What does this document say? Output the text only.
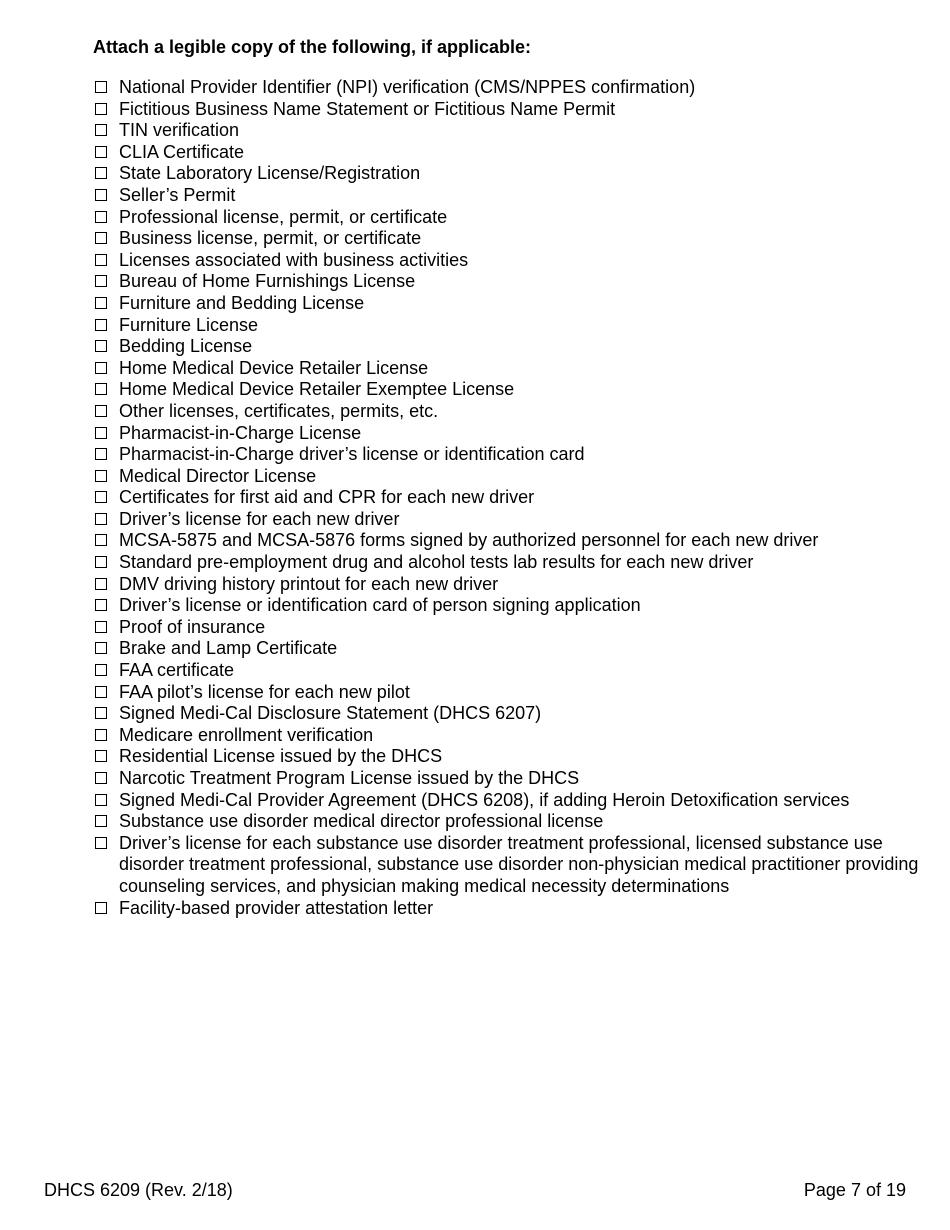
Attach a legible copy of the following, if applicable:
National Provider Identifier (NPI) verification (CMS/NPPES confirmation)
Fictitious Business Name Statement or Fictitious Name Permit
TIN verification
CLIA Certificate
State Laboratory License/Registration
Seller’s Permit
Professional license, permit, or certificate
Business license, permit, or certificate
Licenses associated with business activities
Bureau of Home Furnishings License
Furniture and Bedding License
Furniture License
Bedding License
Home Medical Device Retailer License
Home Medical Device Retailer Exemptee License
Other licenses, certificates, permits, etc.
Pharmacist-in-Charge License
Pharmacist-in-Charge driver’s license or identification card
Medical Director License
Certificates for first aid and CPR for each new driver
Driver’s license for each new driver
MCSA-5875 and MCSA-5876 forms signed by authorized personnel for each new driver
Standard pre-employment drug and alcohol tests lab results for each new driver
DMV driving history printout for each new driver
Driver’s license or identification card of person signing application
Proof of insurance
Brake and Lamp Certificate
FAA certificate
FAA pilot’s license for each new pilot
Signed Medi-Cal Disclosure Statement (DHCS 6207)
Medicare enrollment verification
Residential License issued by the DHCS
Narcotic Treatment Program License issued by the DHCS
Signed Medi-Cal Provider Agreement (DHCS 6208), if adding Heroin Detoxification services
Substance use disorder medical director professional license
Driver’s license for each substance use disorder treatment professional, licensed substance use disorder treatment professional, substance use disorder non-physician medical practitioner providing counseling services, and physician making medical necessity determinations
Facility-based provider attestation letter
DHCS 6209 (Rev. 2/18)	Page 7 of 19
